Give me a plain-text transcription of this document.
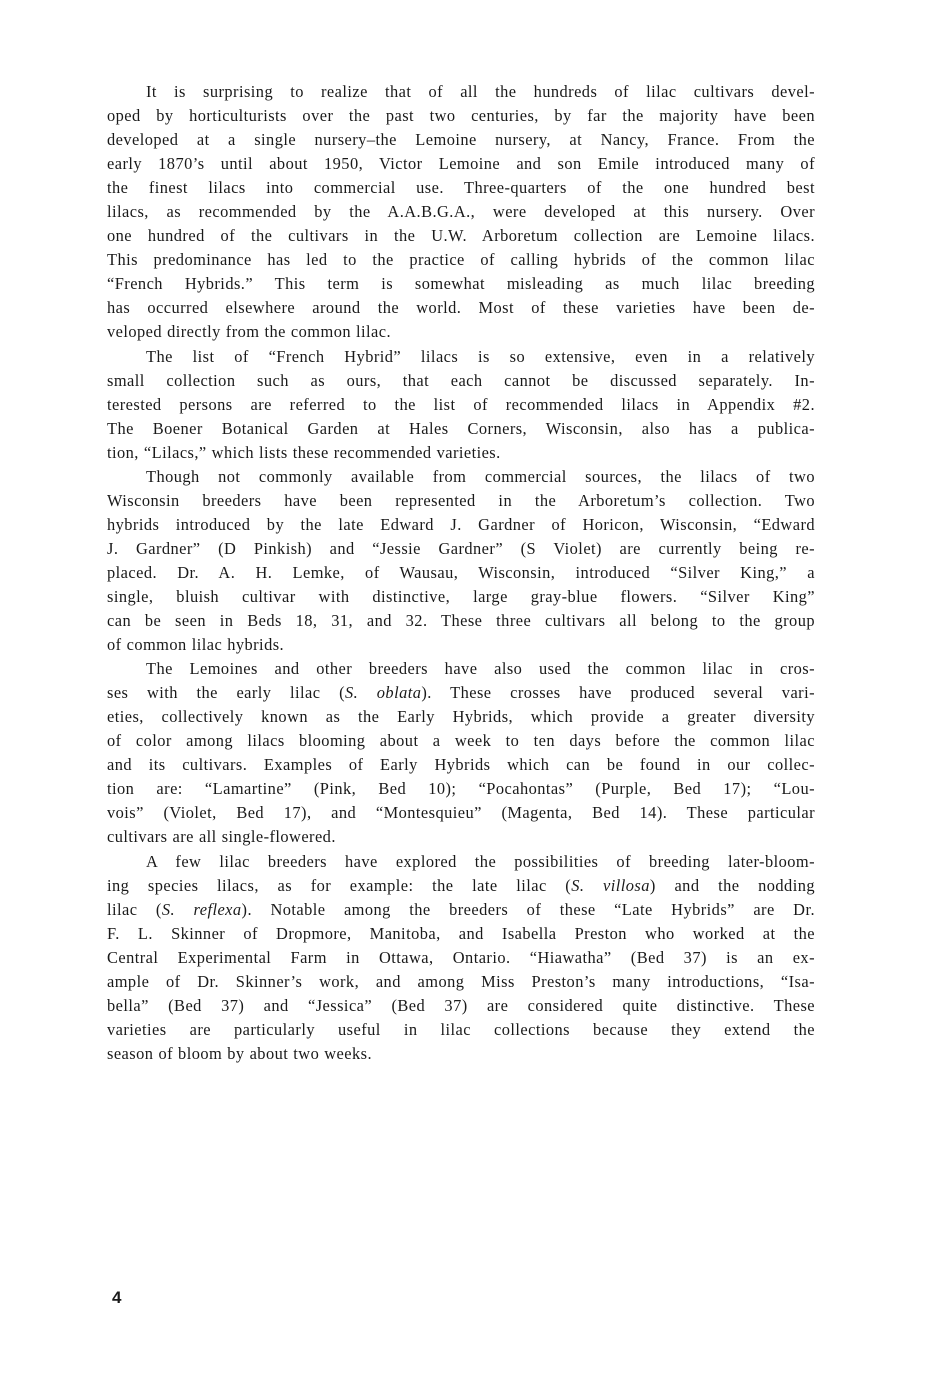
It is surprising to realize that of all the hundreds of lilac cultivars devel-
oped by horticulturists over the past two centuries, by far the majority have been
developed at a single nursery–the Lemoine nursery, at Nancy, France. From the
early 1870’s until about 1950, Victor Lemoine and son Emile introduced many of
the finest lilacs into commercial use. Three-quarters of the one hundred best
lilacs, as recommended by the A.A.B.G.A., were developed at this nursery. Over
one hundred of the cultivars in the U.W. Arboretum collection are Lemoine lilacs.
This predominance has led to the practice of calling hybrids of the common lilac
“French Hybrids.” This term is somewhat misleading as much lilac breeding
has occurred elsewhere around the world. Most of these varieties have been de-
veloped directly from the common lilac.

The list of “French Hybrid” lilacs is so extensive, even in a relatively
small collection such as ours, that each cannot be discussed separately. In-
terested persons are referred to the list of recommended lilacs in Appendix #2.
The Boener Botanical Garden at Hales Corners, Wisconsin, also has a publica-
tion, “Lilacs,” which lists these recommended varieties.

Though not commonly available from commercial sources, the lilacs of two
Wisconsin breeders have been represented in the Arboretum’s collection. Two
hybrids introduced by the late Edward J. Gardner of Horicon, Wisconsin, “Edward
J. Gardner” (D Pinkish) and “Jessie Gardner” (S Violet) are currently being re-
placed. Dr. A. H. Lemke, of Wausau, Wisconsin, introduced “Silver King,” a
single, bluish cultivar with distinctive, large gray-blue flowers. “Silver King”
can be seen in Beds 18, 31, and 32. These three cultivars all belong to the group
of common lilac hybrids.

The Lemoines and other breeders have also used the common lilac in cros-
ses with the early lilac (S. oblata). These crosses have produced several vari-
eties, collectively known as the Early Hybrids, which provide a greater diversity
of color among lilacs blooming about a week to ten days before the common lilac
and its cultivars. Examples of Early Hybrids which can be found in our collec-
tion are: “Lamartine” (Pink, Bed 10); “Pocahontas” (Purple, Bed 17); “Lou-
vois” (Violet, Bed 17), and “Montesquieu” (Magenta, Bed 14). These particular
cultivars are all single-flowered.

A few lilac breeders have explored the possibilities of breeding later-bloom-
ing species lilacs, as for example: the late lilac (S. villosa) and the nodding
lilac (S. reflexa). Notable among the breeders of these “Late Hybrids” are Dr.
F. L. Skinner of Dropmore, Manitoba, and Isabella Preston who worked at the
Central Experimental Farm in Ottawa, Ontario. “Hiawatha” (Bed 37) is an ex-
ample of Dr. Skinner’s work, and among Miss Preston’s many introductions, “Isa-
bella” (Bed 37) and “Jessica” (Bed 37) are considered quite distinctive. These
varieties are particularly useful in lilac collections because they extend the
season of bloom by about two weeks.

4
